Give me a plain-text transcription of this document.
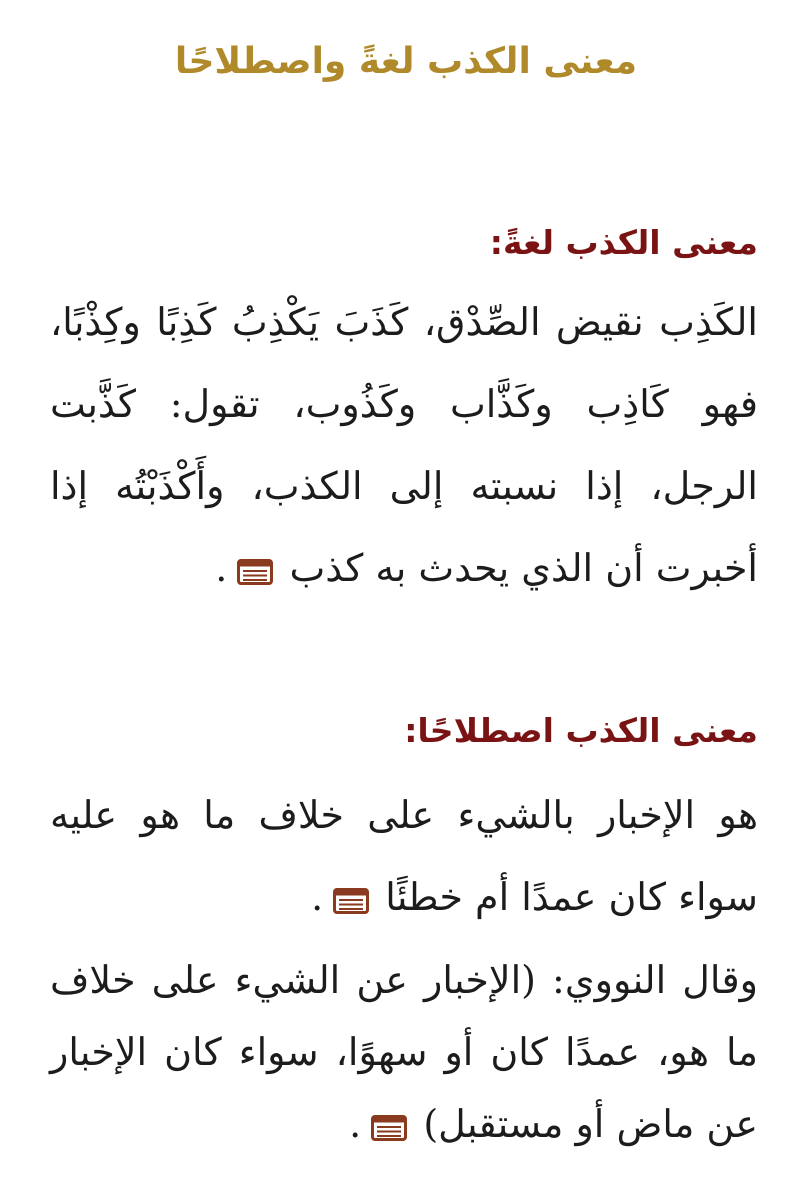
معنى الكذب لغةً واصطلاحًا
معنى الكذب لغةً:

الكَذِب نقيض الصِّدْق، كَذَبَ يَكْذِبُ كَذِبًا وكِذْبًا، فهو كَاذِب وكَذَّاب وكَذُوب، تقول: كَذَّبت الرجل، إذا نسبته إلى الكذب، وأَكْذَبْتُه إذا أخبرت أن الذي يحدث به كذب
.

معنى الكذب اصطلاحًا:

هو الإخبار بالشيء على خلاف ما هو عليه سواء كان عمدًا أم خطئًا
.

وقال النووي: (الإخبار عن الشيء على خلاف ما هو، عمدًا كان أو سهوًا، سواء كان الإخبار عن ماض أو مستقبل)
.
